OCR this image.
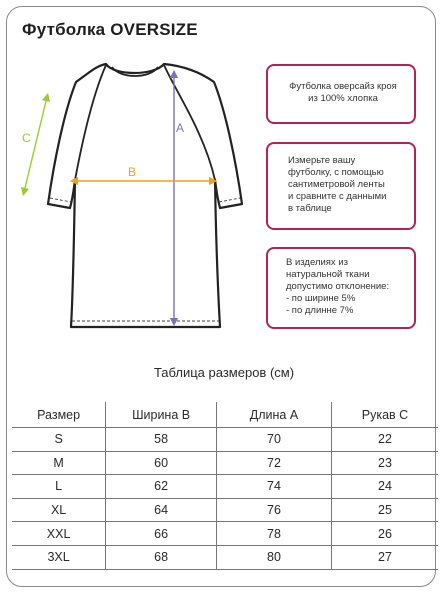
Футболка OVERSIZE
A
B
C
Футболка оверсайз кроя
из 100% хлопка
Измерьте вашу
футболку, с помощью
сантиметровой ленты
и сравните с данными
в таблице
В изделиях из
натуральной ткани
допустимо отклонение:
- по ширине 5%
- по длинне 7%
Таблица размеров (см)
Размер	Ширина B	Длина A	Рукав С
S	58	70	22
M	60	72	23
L	62	74	24
XL	64	76	25
XXL	66	78	26
3XL	68	80	27
